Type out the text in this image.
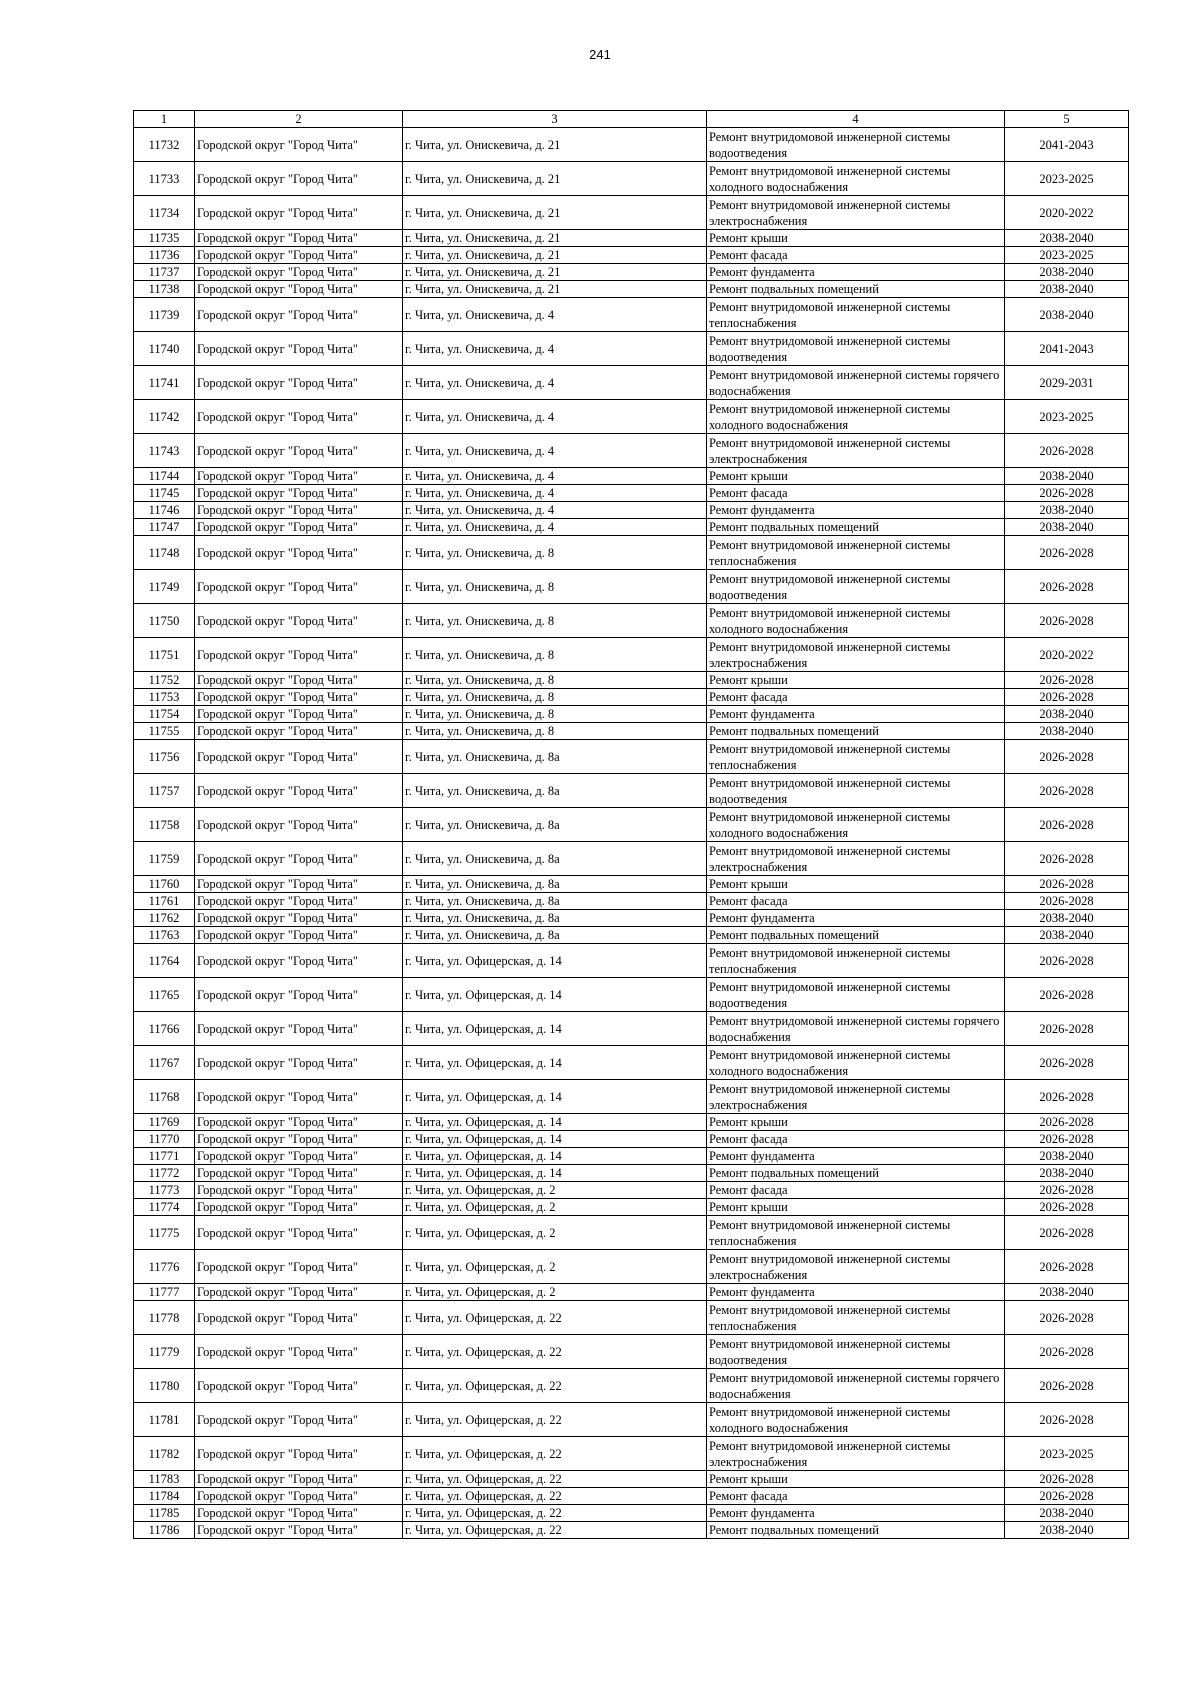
241
1	2	3	4	5
11732	Городской округ "Город Чита"	г. Чита, ул. Онискевича, д. 21	Ремонт внутридомовой инженерной системы водоотведения	2041-2043
11733	Городской округ "Город Чита"	г. Чита, ул. Онискевича, д. 21	Ремонт внутридомовой инженерной системы холодного водоснабжения	2023-2025
11734	Городской округ "Город Чита"	г. Чита, ул. Онискевича, д. 21	Ремонт внутридомовой инженерной системы электроснабжения	2020-2022
11735	Городской округ "Город Чита"	г. Чита, ул. Онискевича, д. 21	Ремонт крыши	2038-2040
11736	Городской округ "Город Чита"	г. Чита, ул. Онискевича, д. 21	Ремонт фасада	2023-2025
11737	Городской округ "Город Чита"	г. Чита, ул. Онискевича, д. 21	Ремонт фундамента	2038-2040
11738	Городской округ "Город Чита"	г. Чита, ул. Онискевича, д. 21	Ремонт подвальных помещений	2038-2040
11739	Городской округ "Город Чита"	г. Чита, ул. Онискевича, д. 4	Ремонт внутридомовой инженерной системы теплоснабжения	2038-2040
11740	Городской округ "Город Чита"	г. Чита, ул. Онискевича, д. 4	Ремонт внутридомовой инженерной системы водоотведения	2041-2043
11741	Городской округ "Город Чита"	г. Чита, ул. Онискевича, д. 4	Ремонт внутридомовой инженерной системы горячего водоснабжения	2029-2031
11742	Городской округ "Город Чита"	г. Чита, ул. Онискевича, д. 4	Ремонт внутридомовой инженерной системы холодного водоснабжения	2023-2025
11743	Городской округ "Город Чита"	г. Чита, ул. Онискевича, д. 4	Ремонт внутридомовой инженерной системы электроснабжения	2026-2028
11744	Городской округ "Город Чита"	г. Чита, ул. Онискевича, д. 4	Ремонт крыши	2038-2040
11745	Городской округ "Город Чита"	г. Чита, ул. Онискевича, д. 4	Ремонт фасада	2026-2028
11746	Городской округ "Город Чита"	г. Чита, ул. Онискевича, д. 4	Ремонт фундамента	2038-2040
11747	Городской округ "Город Чита"	г. Чита, ул. Онискевича, д. 4	Ремонт подвальных помещений	2038-2040
11748	Городской округ "Город Чита"	г. Чита, ул. Онискевича, д. 8	Ремонт внутридомовой инженерной системы теплоснабжения	2026-2028
11749	Городской округ "Город Чита"	г. Чита, ул. Онискевича, д. 8	Ремонт внутридомовой инженерной системы водоотведения	2026-2028
11750	Городской округ "Город Чита"	г. Чита, ул. Онискевича, д. 8	Ремонт внутридомовой инженерной системы холодного водоснабжения	2026-2028
11751	Городской округ "Город Чита"	г. Чита, ул. Онискевича, д. 8	Ремонт внутридомовой инженерной системы электроснабжения	2020-2022
11752	Городской округ "Город Чита"	г. Чита, ул. Онискевича, д. 8	Ремонт крыши	2026-2028
11753	Городской округ "Город Чита"	г. Чита, ул. Онискевича, д. 8	Ремонт фасада	2026-2028
11754	Городской округ "Город Чита"	г. Чита, ул. Онискевича, д. 8	Ремонт фундамента	2038-2040
11755	Городской округ "Город Чита"	г. Чита, ул. Онискевича, д. 8	Ремонт подвальных помещений	2038-2040
11756	Городской округ "Город Чита"	г. Чита, ул. Онискевича, д. 8а	Ремонт внутридомовой инженерной системы теплоснабжения	2026-2028
11757	Городской округ "Город Чита"	г. Чита, ул. Онискевича, д. 8а	Ремонт внутридомовой инженерной системы водоотведения	2026-2028
11758	Городской округ "Город Чита"	г. Чита, ул. Онискевича, д. 8а	Ремонт внутридомовой инженерной системы холодного водоснабжения	2026-2028
11759	Городской округ "Город Чита"	г. Чита, ул. Онискевича, д. 8а	Ремонт внутридомовой инженерной системы электроснабжения	2026-2028
11760	Городской округ "Город Чита"	г. Чита, ул. Онискевича, д. 8а	Ремонт крыши	2026-2028
11761	Городской округ "Город Чита"	г. Чита, ул. Онискевича, д. 8а	Ремонт фасада	2026-2028
11762	Городской округ "Город Чита"	г. Чита, ул. Онискевича, д. 8а	Ремонт фундамента	2038-2040
11763	Городской округ "Город Чита"	г. Чита, ул. Онискевича, д. 8а	Ремонт подвальных помещений	2038-2040
11764	Городской округ "Город Чита"	г. Чита, ул. Офицерская, д. 14	Ремонт внутридомовой инженерной системы теплоснабжения	2026-2028
11765	Городской округ "Город Чита"	г. Чита, ул. Офицерская, д. 14	Ремонт внутридомовой инженерной системы водоотведения	2026-2028
11766	Городской округ "Город Чита"	г. Чита, ул. Офицерская, д. 14	Ремонт внутридомовой инженерной системы горячего водоснабжения	2026-2028
11767	Городской округ "Город Чита"	г. Чита, ул. Офицерская, д. 14	Ремонт внутридомовой инженерной системы холодного водоснабжения	2026-2028
11768	Городской округ "Город Чита"	г. Чита, ул. Офицерская, д. 14	Ремонт внутридомовой инженерной системы электроснабжения	2026-2028
11769	Городской округ "Город Чита"	г. Чита, ул. Офицерская, д. 14	Ремонт крыши	2026-2028
11770	Городской округ "Город Чита"	г. Чита, ул. Офицерская, д. 14	Ремонт фасада	2026-2028
11771	Городской округ "Город Чита"	г. Чита, ул. Офицерская, д. 14	Ремонт фундамента	2038-2040
11772	Городской округ "Город Чита"	г. Чита, ул. Офицерская, д. 14	Ремонт подвальных помещений	2038-2040
11773	Городской округ "Город Чита"	г. Чита, ул. Офицерская, д. 2	Ремонт фасада	2026-2028
11774	Городской округ "Город Чита"	г. Чита, ул. Офицерская, д. 2	Ремонт крыши	2026-2028
11775	Городской округ "Город Чита"	г. Чита, ул. Офицерская, д. 2	Ремонт внутридомовой инженерной системы теплоснабжения	2026-2028
11776	Городской округ "Город Чита"	г. Чита, ул. Офицерская, д. 2	Ремонт внутридомовой инженерной системы электроснабжения	2026-2028
11777	Городской округ "Город Чита"	г. Чита, ул. Офицерская, д. 2	Ремонт фундамента	2038-2040
11778	Городской округ "Город Чита"	г. Чита, ул. Офицерская, д. 22	Ремонт внутридомовой инженерной системы теплоснабжения	2026-2028
11779	Городской округ "Город Чита"	г. Чита, ул. Офицерская, д. 22	Ремонт внутридомовой инженерной системы водоотведения	2026-2028
11780	Городской округ "Город Чита"	г. Чита, ул. Офицерская, д. 22	Ремонт внутридомовой инженерной системы горячего водоснабжения	2026-2028
11781	Городской округ "Город Чита"	г. Чита, ул. Офицерская, д. 22	Ремонт внутридомовой инженерной системы холодного водоснабжения	2026-2028
11782	Городской округ "Город Чита"	г. Чита, ул. Офицерская, д. 22	Ремонт внутридомовой инженерной системы электроснабжения	2023-2025
11783	Городской округ "Город Чита"	г. Чита, ул. Офицерская, д. 22	Ремонт крыши	2026-2028
11784	Городской округ "Город Чита"	г. Чита, ул. Офицерская, д. 22	Ремонт фасада	2026-2028
11785	Городской округ "Город Чита"	г. Чита, ул. Офицерская, д. 22	Ремонт фундамента	2038-2040
11786	Городской округ "Город Чита"	г. Чита, ул. Офицерская, д. 22	Ремонт подвальных помещений	2038-2040
